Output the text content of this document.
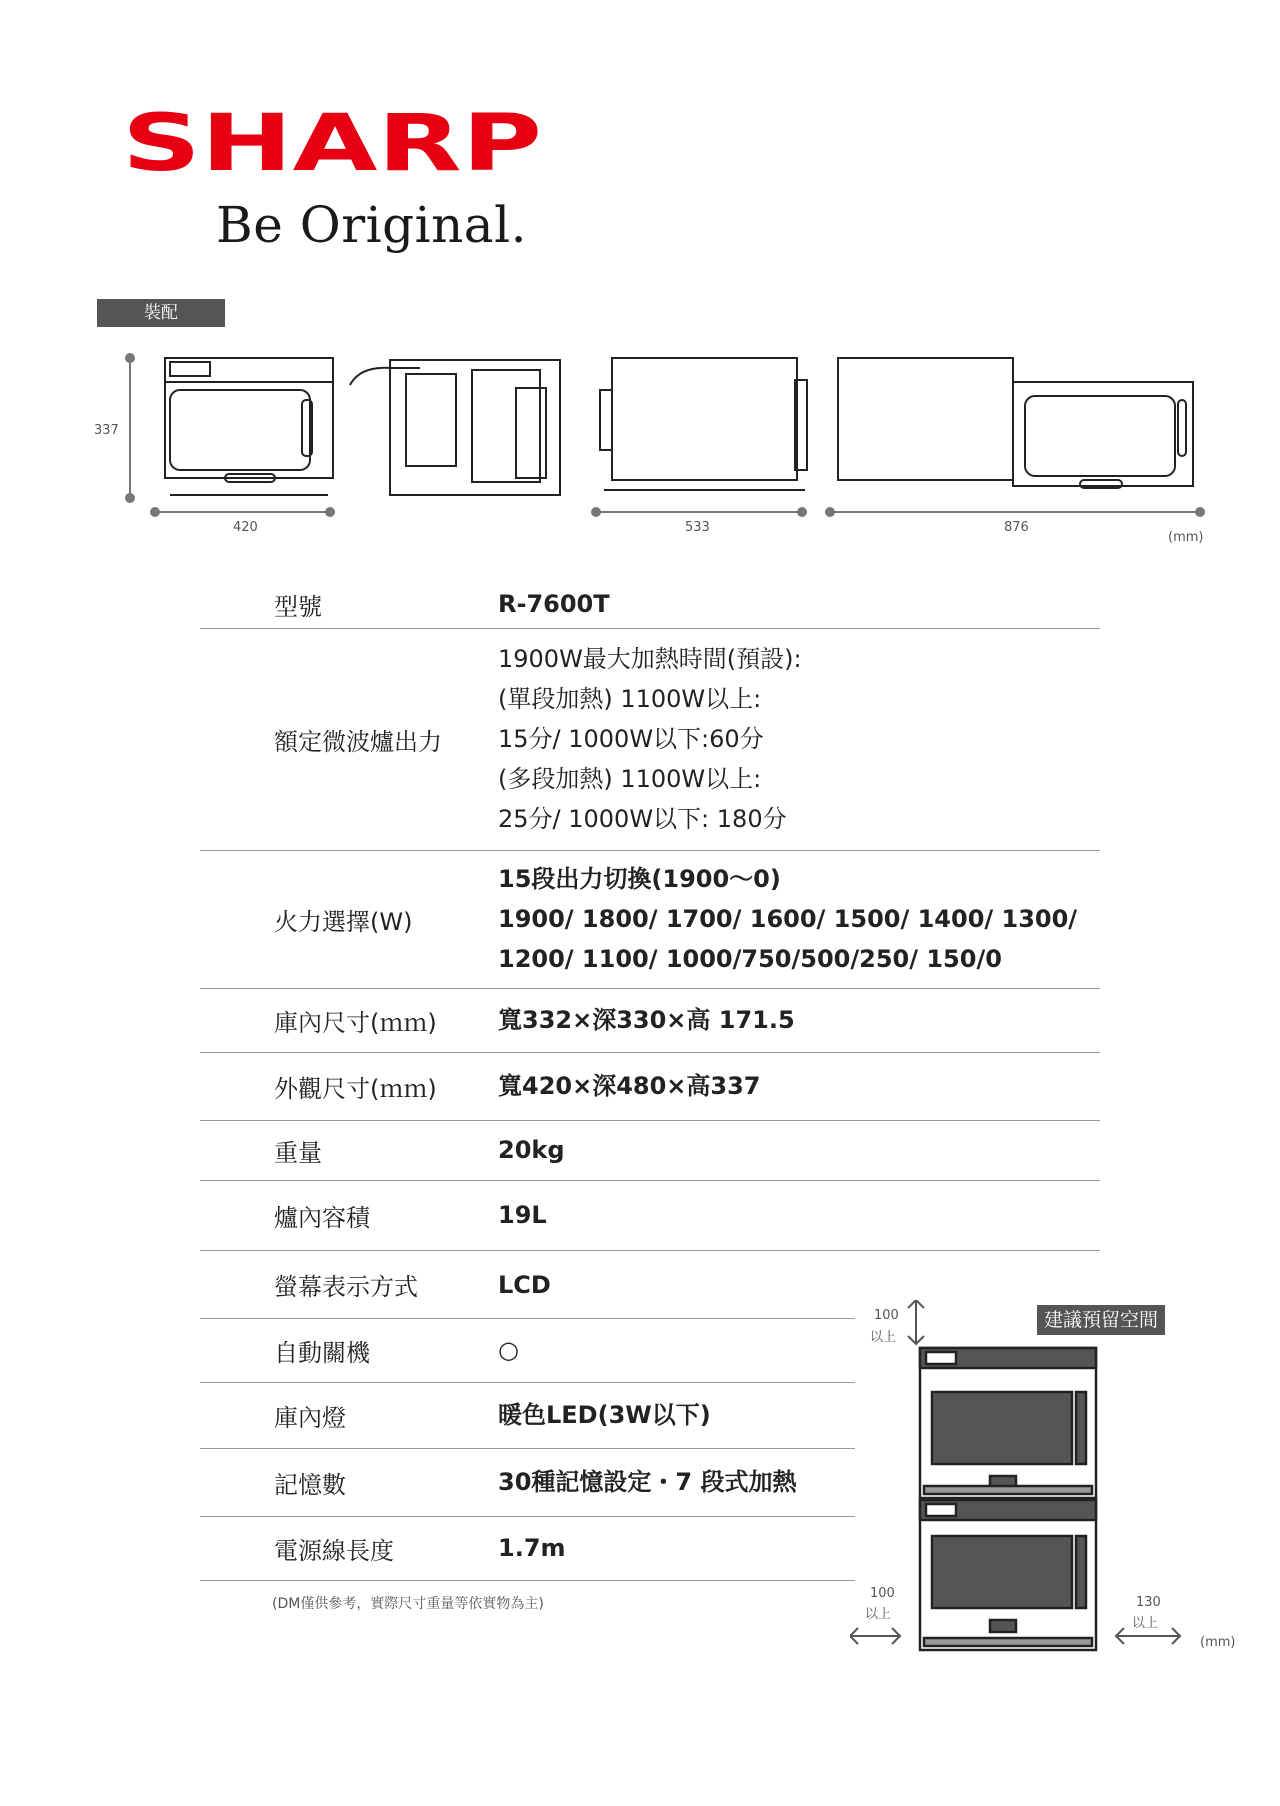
SHARP
Be Original.
裝配
337
420	533	876
(mm)
型號	R-7600T

額定微波爐出力	1900W最大加熱時間(預設):
(單段加熱) 1100W以上:
15分/ 1000W以下:60分
(多段加熱) 1100W以上:
25分/ 1000W以下: 180分

火力選擇(W)	15段出力切換(1900～0)
1900/ 1800/ 1700/ 1600/ 1500/ 1400/ 1300/
1200/ 1100/ 1000/750/500/250/ 150/0

庫內尺寸(ｍｍ)	寬332×深330×高 171.5

外觀尺寸(ｍｍ)	寬420×深480×高337

重量	20kg

爐內容積	19L
螢幕表示方式	LCD

自動關機	○

庫內燈	暖色LED(3W以下)

記憶數	30種記憶設定・7 段式加熱

電源線長度	1.7m
(DM僅供參考，實際尺寸重量等依實物為主)
建議預留空間
100
以上
100
以上
130
以上
(mm)
